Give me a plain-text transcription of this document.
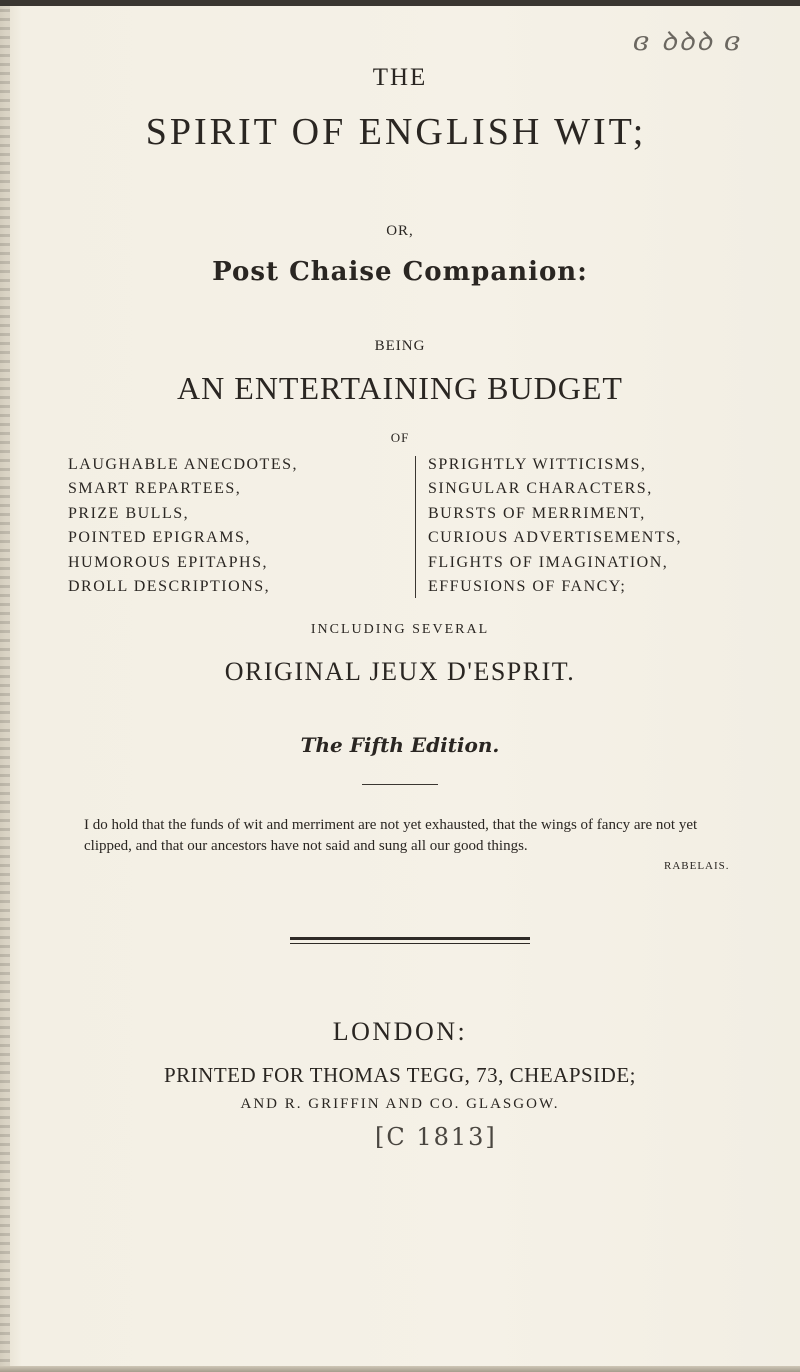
ɞ ꝺꝺꝺ ɞ
THE
SPIRIT OF ENGLISH WIT;
OR,
Post Chaise Companion:
BEING
AN ENTERTAINING BUDGET
OF
LAUGHABLE ANECDOTES,
SMART REPARTEES,
PRIZE BULLS,
POINTED EPIGRAMS,
HUMOROUS EPITAPHS,
DROLL DESCRIPTIONS,
SPRIGHTLY WITTICISMS,
SINGULAR CHARACTERS,
BURSTS OF MERRIMENT,
CURIOUS ADVERTISEMENTS,
FLIGHTS OF IMAGINATION,
EFFUSIONS OF FANCY;
INCLUDING SEVERAL
ORIGINAL JEUX D'ESPRIT.
The Fifth Edition.
I do hold that the funds of wit and merriment are not yet exhausted, that the wings of fancy are not yet clipped, and that our ancestors have not said and sung all our good things.
RABELAIS.
LONDON:
PRINTED FOR THOMAS TEGG, 73, CHEAPSIDE;
AND R. GRIFFIN AND CO. GLASGOW.
[C 1813]
